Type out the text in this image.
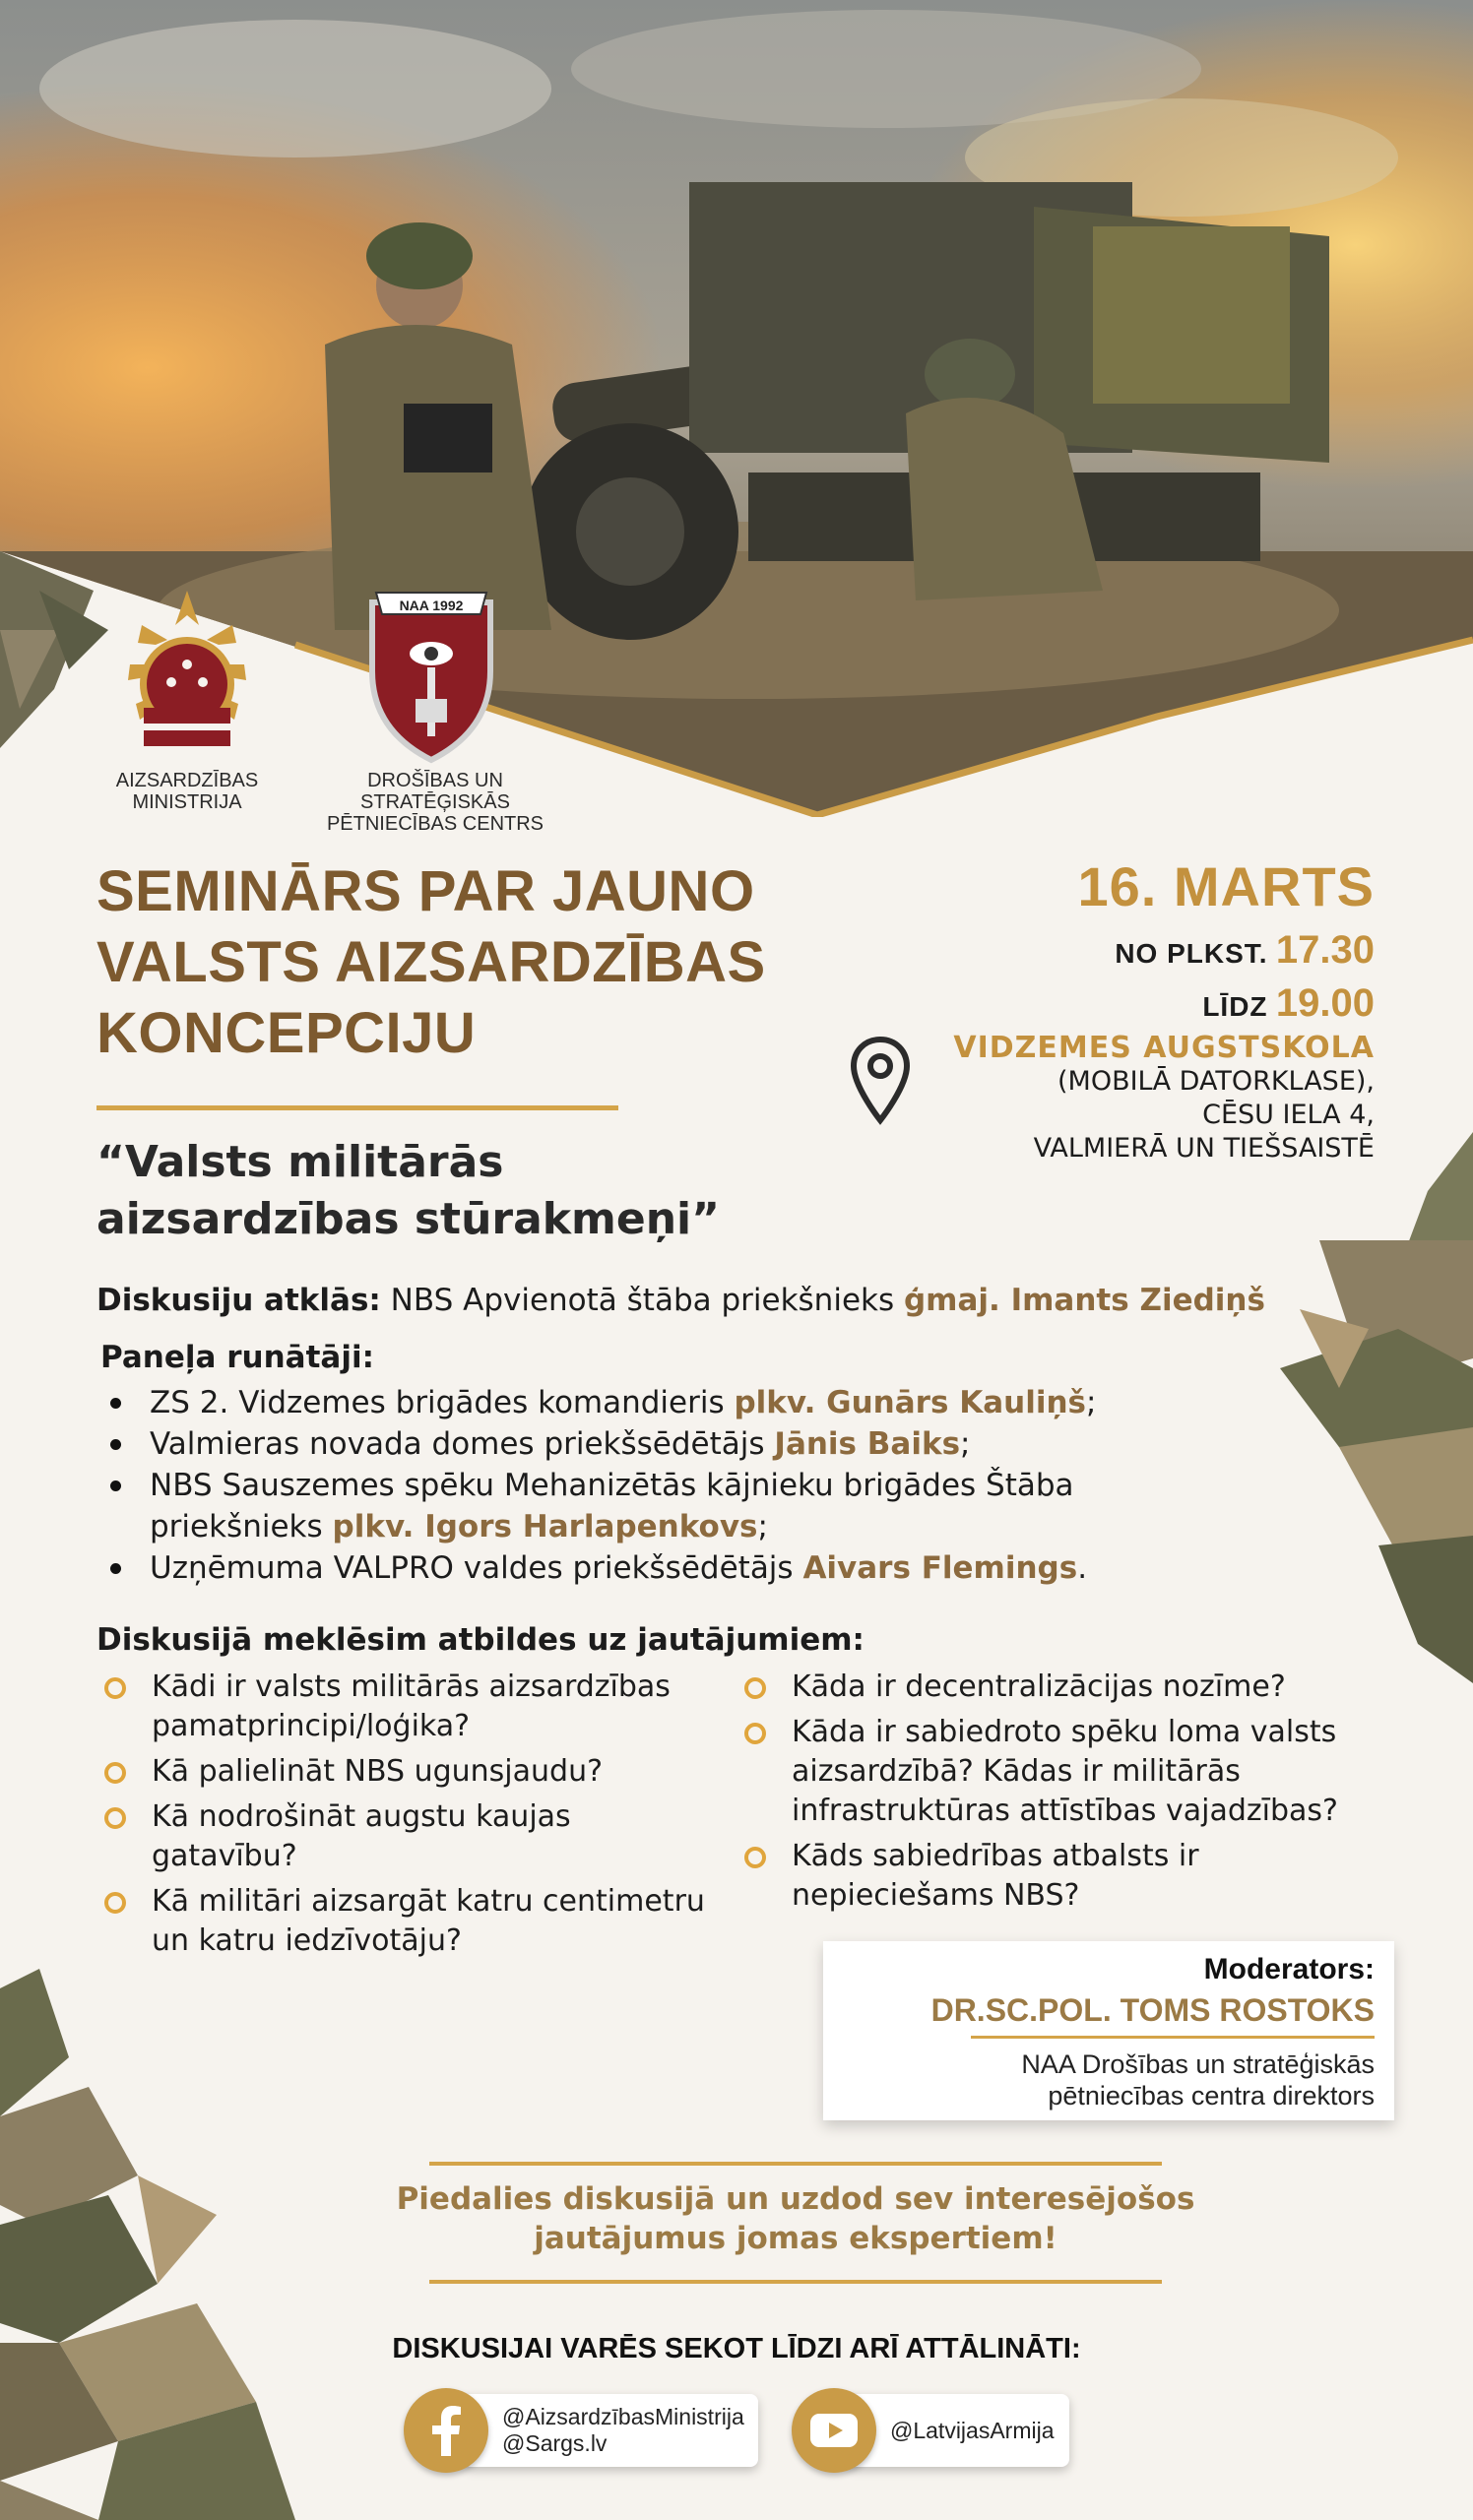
AIZSARDZĪBAS
MINISTRIJA
NAA 1992
DROŠĪBAS UN STRATĒĢISKĀS
PĒTNIECĪBAS CENTRS
SEMINĀRS PAR JAUNO
VALSTS AIZSARDZĪBAS
KONCEPCIJU
“Valsts militārās
aizsardzības stūrakmeņi”
16. MARTS
NO PLKST. 17.30
LĪDZ 19.00
VIDZEMES AUGSTSKOLA
(MOBILĀ DATORKLASE),
CĒSU IELA 4,
VALMIERĀ UN TIEŠSAISTĒ
Diskusiju atklās: NBS Apvienotā štāba priekšnieks ģmaj. Imants Ziediņš
Paneļa runātāji:
ZS 2. Vidzemes brigādes komandieris plkv. Gunārs Kauliņš;
Valmieras novada domes priekšsēdētājs Jānis Baiks;
NBS Sauszemes spēku Mehanizētās kājnieku brigādes Štāba priekšnieks plkv. Igors Harlapenkovs;
Uzņēmuma VALPRO valdes priekšsēdētājs Aivars Flemings.
Diskusijā meklēsim atbildes uz jautājumiem:
Kādi ir valsts militārās aizsardzības pamatprincipi/loģika?
Kā palielināt NBS ugunsjaudu?
Kā nodrošināt augstu kaujas gatavību?
Kā militāri aizsargāt katru centimetru un katru iedzīvotāju?
Kāda ir decentralizācijas nozīme?
Kāda ir sabiedroto spēku loma valsts aizsardzībā? Kādas ir militārās infrastruktūras attīstības vajadzības?
Kāds sabiedrības atbalsts ir nepieciešams NBS?
Moderators:
DR.SC.POL. TOMS ROSTOKS
NAA Drošības un stratēģiskās
pētniecības centra direktors
Piedalies diskusijā un uzdod sev interesējošos
jautājumus jomas ekspertiem!
DISKUSIJAI VARĒS SEKOT LĪDZI ARĪ ATTĀLINĀTI:
@AizsardzībasMinistrija
@Sargs.lv	@LatvijasArmija
